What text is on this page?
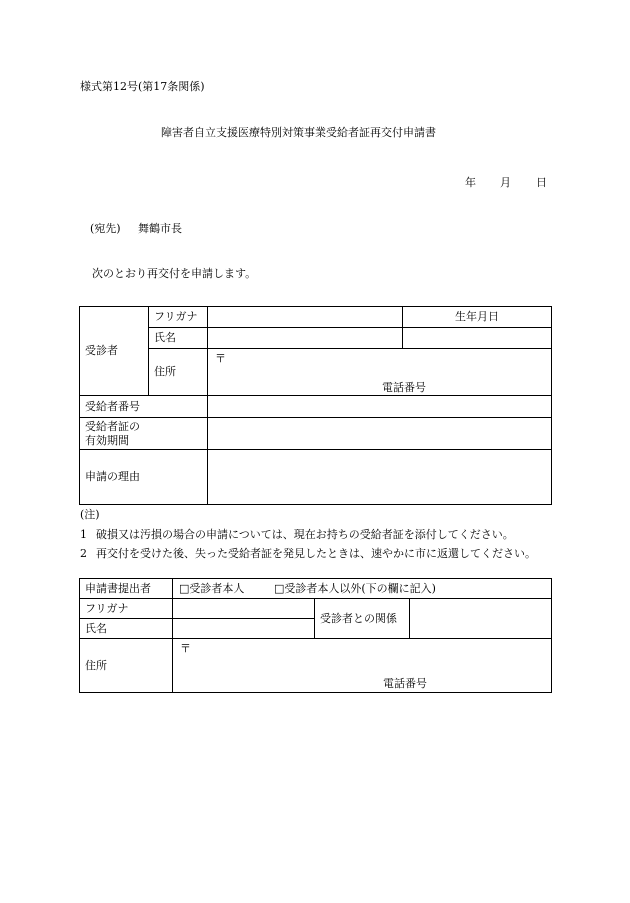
様式第12号(第17条関係)
障害者自立支援医療特別対策事業受給者証再交付申請書
年 月 日
(宛先) 舞鶴市長
次のとおり再交付を申請します。
受診者	フリガナ		生年月日
	氏名		
	住所	〒
電話番号	

受給者番号			
受給者証の
有効期間			
申請の理由			
(注)
1 破損又は汚損の場合の申請については、現在お持ちの受給者証を添付してください。
2 再交付を受けた後、失った受給者証を発見したときは、速やかに市に返還してください。
申請書提出者	□受診者本人 □受診者本人以外(下の欄に記入)		

フリガナ		受診者との関係	
氏名			
住所	〒
電話番号		
